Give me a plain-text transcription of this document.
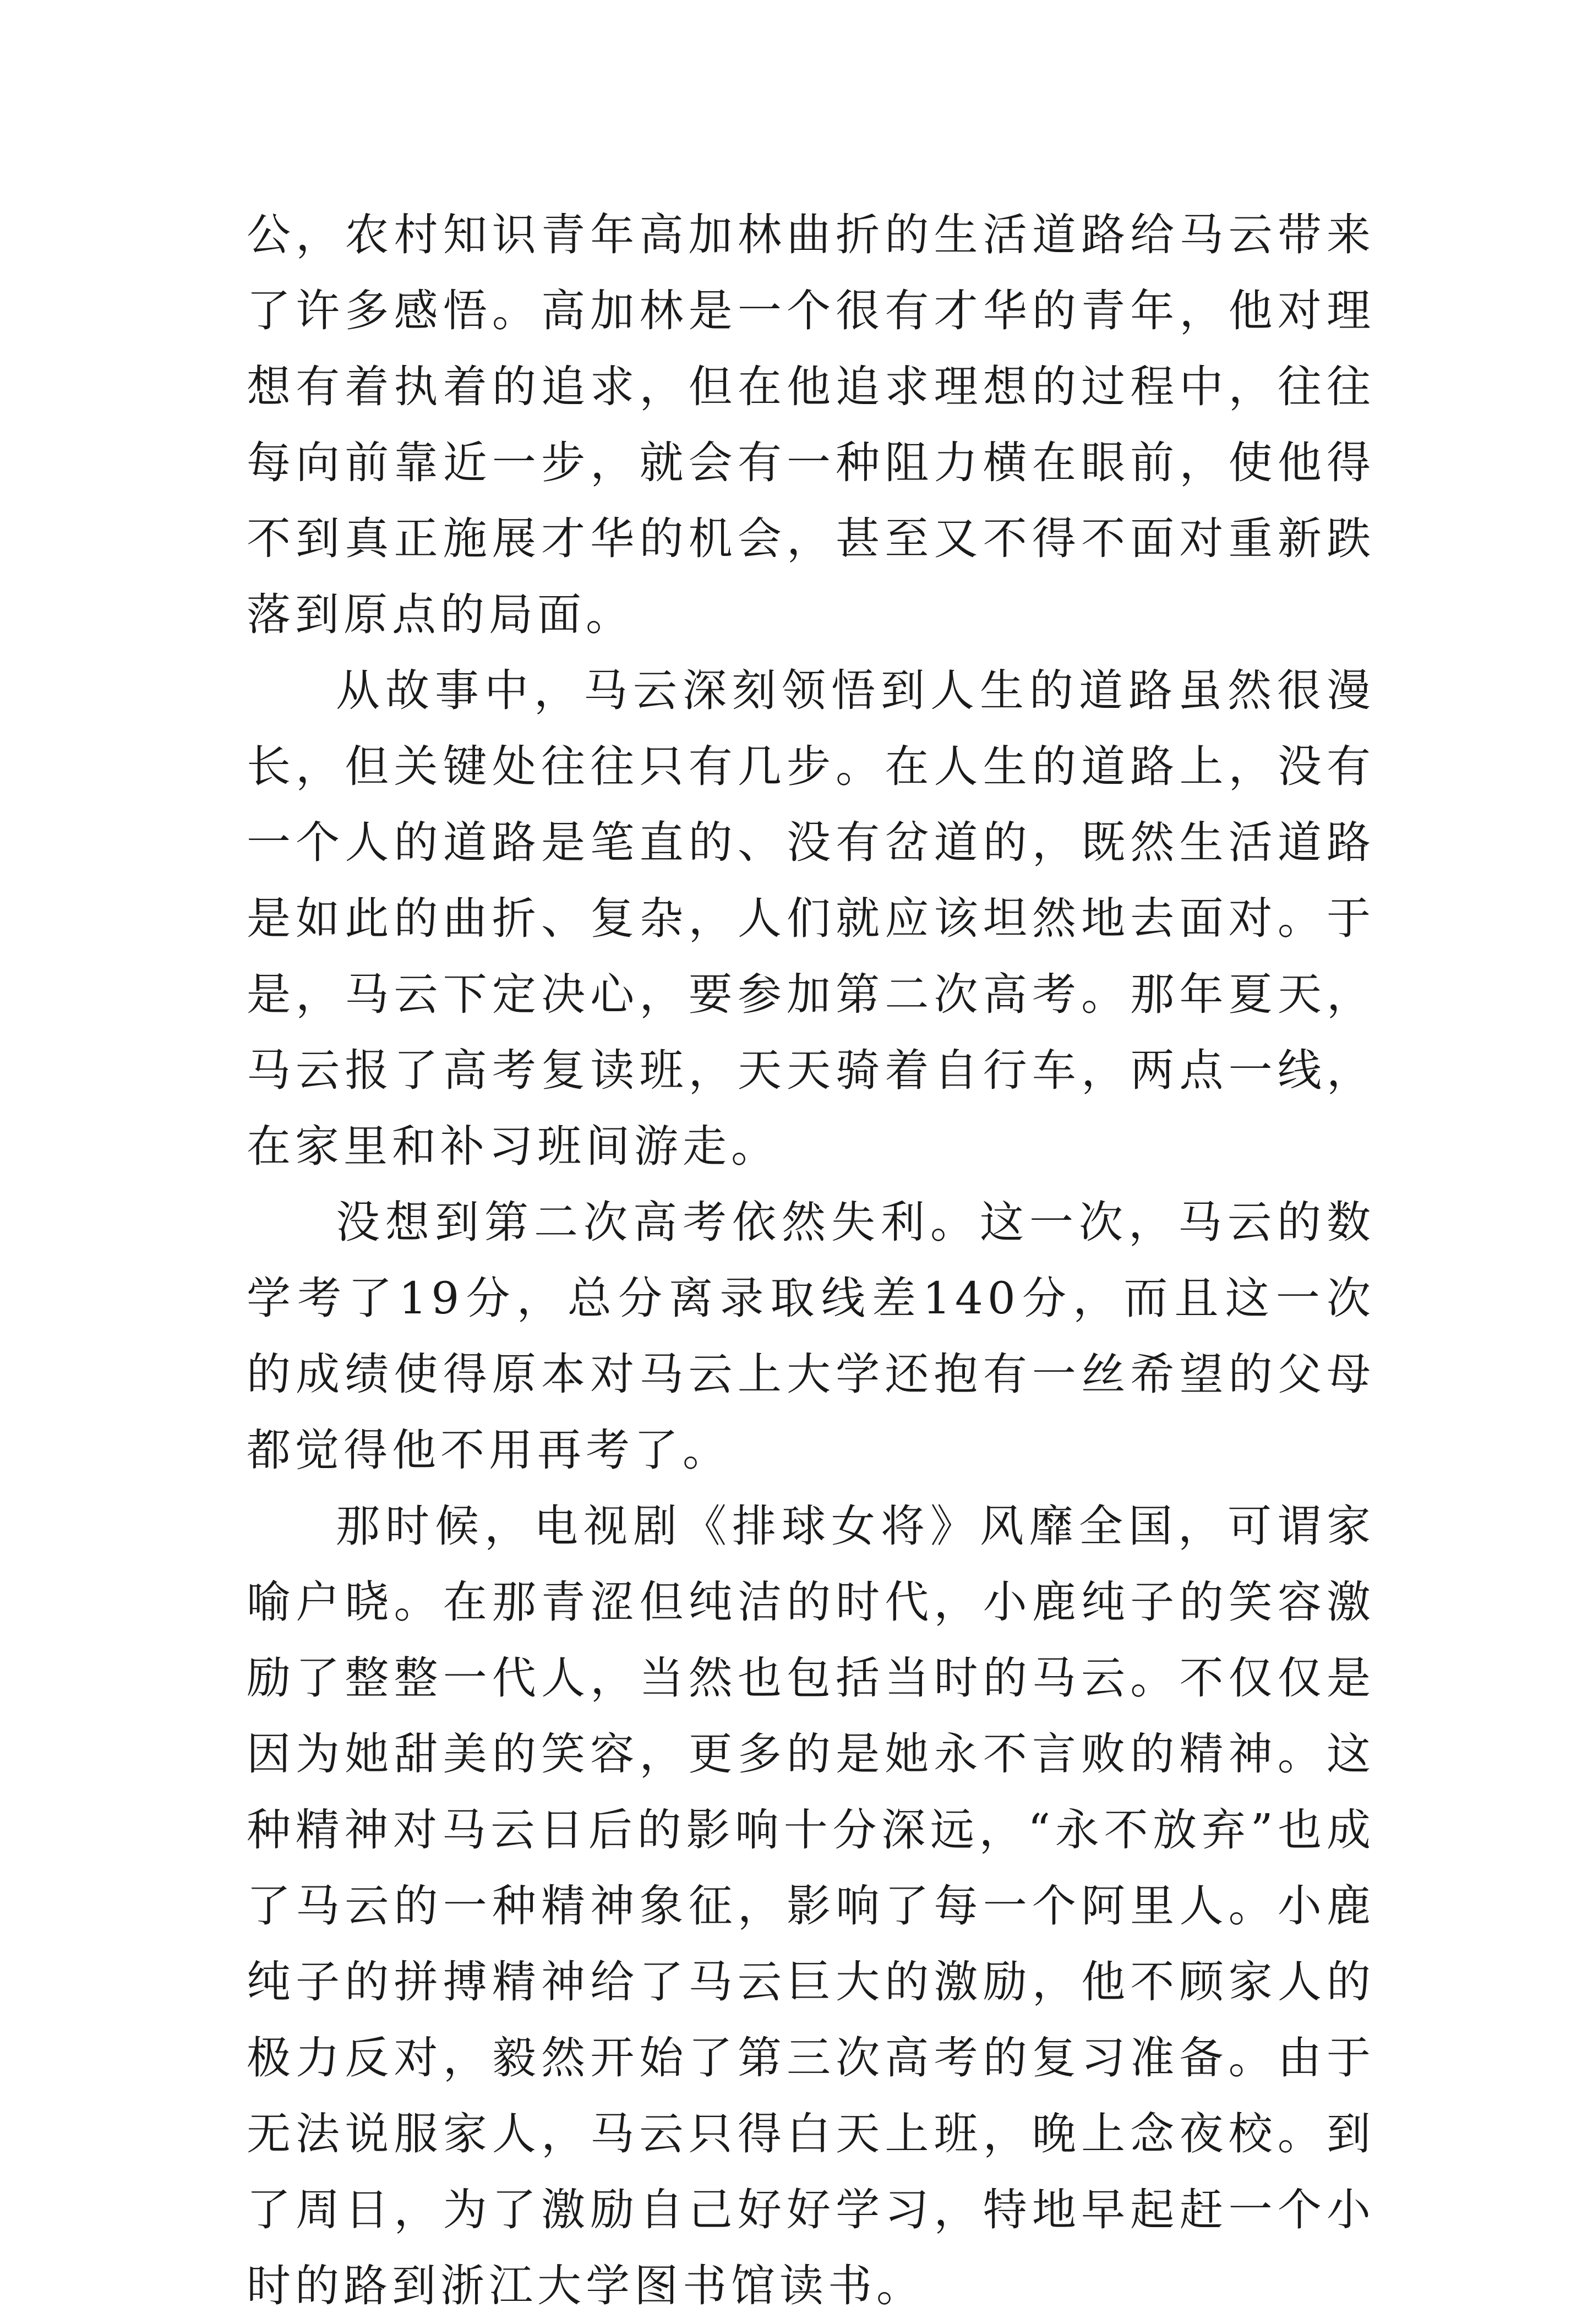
公，农村知识青年高加林曲折的生活道路给马云带来了许多感悟。高加林是一个很有才华的青年，他对理想有着执着的追求，但在他追求理想的过程中，往往每向前靠近一步，就会有一种阻力横在眼前，使他得不到真正施展才华的机会，甚至又不得不面对重新跌落到原点的局面。

从故事中，马云深刻领悟到人生的道路虽然很漫长，但关键处往往只有几步。在人生的道路上，没有一个人的道路是笔直的、没有岔道的，既然生活道路是如此的曲折、复杂，人们就应该坦然地去面对。于是，马云下定决心，要参加第二次高考。那年夏天，马云报了高考复读班，天天骑着自行车，两点一线，在家里和补习班间游走。

没想到第二次高考依然失利。这一次，马云的数学考了19分，总分离录取线差140分，而且这一次的成绩使得原本对马云上大学还抱有一丝希望的父母都觉得他不用再考了。

那时候，电视剧《排球女将》风靡全国，可谓家喻户晓。在那青涩但纯洁的时代，小鹿纯子的笑容激励了整整一代人，当然也包括当时的马云。不仅仅是因为她甜美的笑容，更多的是她永不言败的精神。这种精神对马云日后的影响十分深远，“永不放弃”也成了马云的一种精神象征，影响了每一个阿里人。小鹿纯子的拼搏精神给了马云巨大的激励，他不顾家人的极力反对，毅然开始了第三次高考的复习准备。由于无法说服家人，马云只得白天上班，晚上念夜校。到了周日，为了激励自己好好学习，特地早起赶一个小时的路到浙江大学图书馆读书。
